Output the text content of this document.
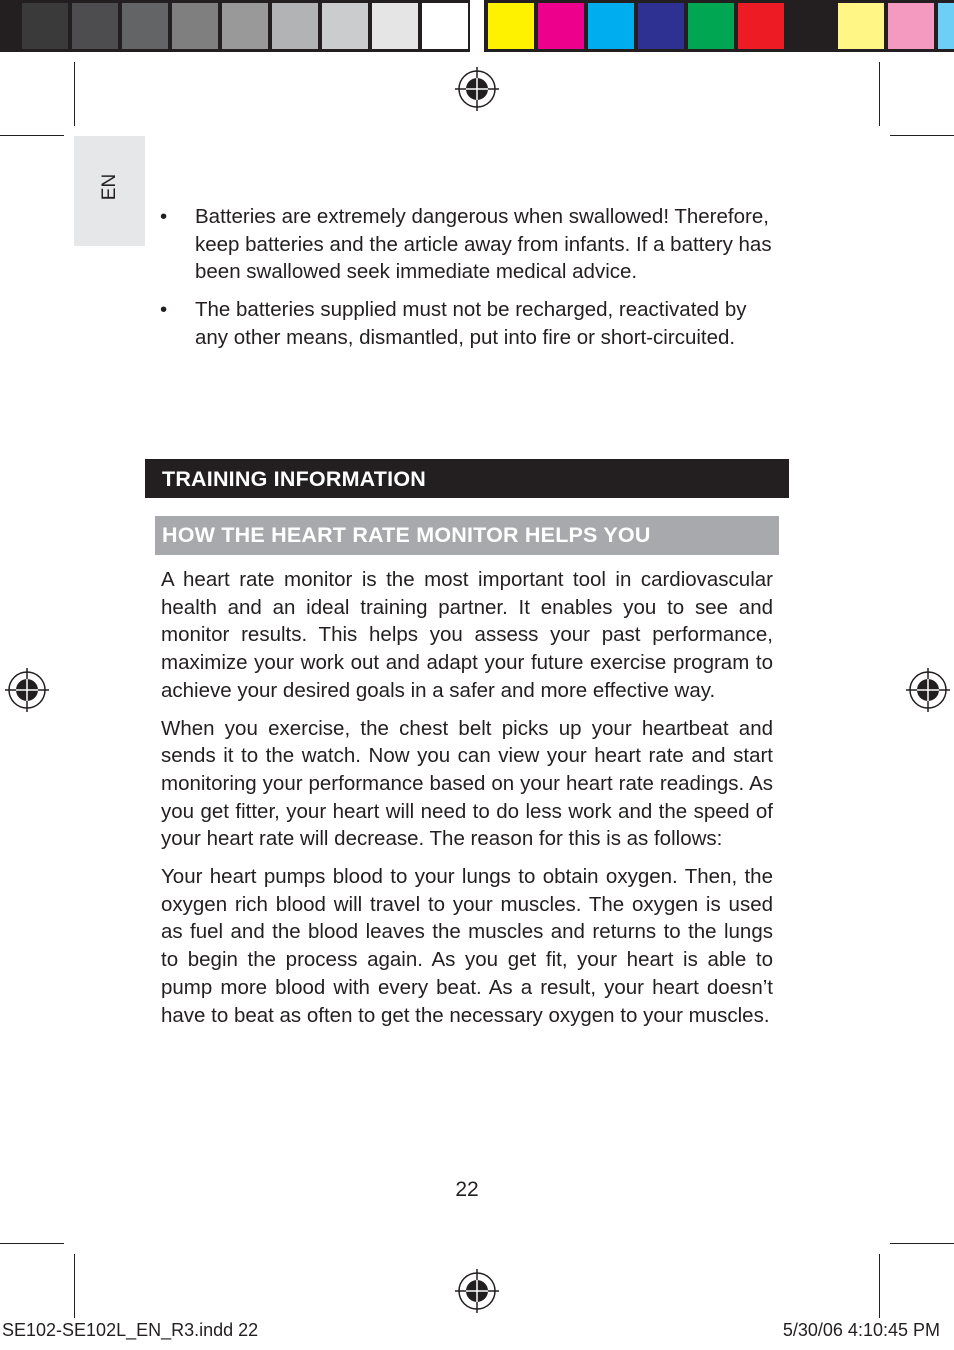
EN
•	Batteries are extremely dangerous when swallowed! Therefore, keep batteries and the article away from infants. If a battery has been swallowed seek immediate medical advice.
•	The batteries supplied must not be recharged, reactivated by any other means, dismantled, put into fire or short-circuited.
TRAINING INFORMATION
HOW THE HEART RATE MONITOR HELPS YOU

A heart rate monitor is the most important tool in cardiovascular health and an ideal training partner. It enables you to see and monitor results. This helps you assess your past performance, maximize your work out and adapt your future exercise program to achieve your desired goals in a safer and more effective way.

When you exercise, the chest belt picks up your heartbeat and sends it to the watch. Now you can view your heart rate and start monitoring your performance based on your heart rate readings. As you get fitter, your heart will need to do less work and the speed of your heart rate will decrease. The reason for this is as follows:

Your heart pumps blood to your lungs to obtain oxygen. Then, the oxygen rich blood will travel to your muscles. The oxygen is used as fuel and the blood leaves the muscles and returns to the lungs to begin the process again. As you get fit, your heart is able to pump more blood with every beat. As a result, your heart doesn’t have to beat as often to get the necessary oxygen to your muscles.

22
SE102-SE102L_EN_R3.indd 22	5/30/06 4:10:45 PM
